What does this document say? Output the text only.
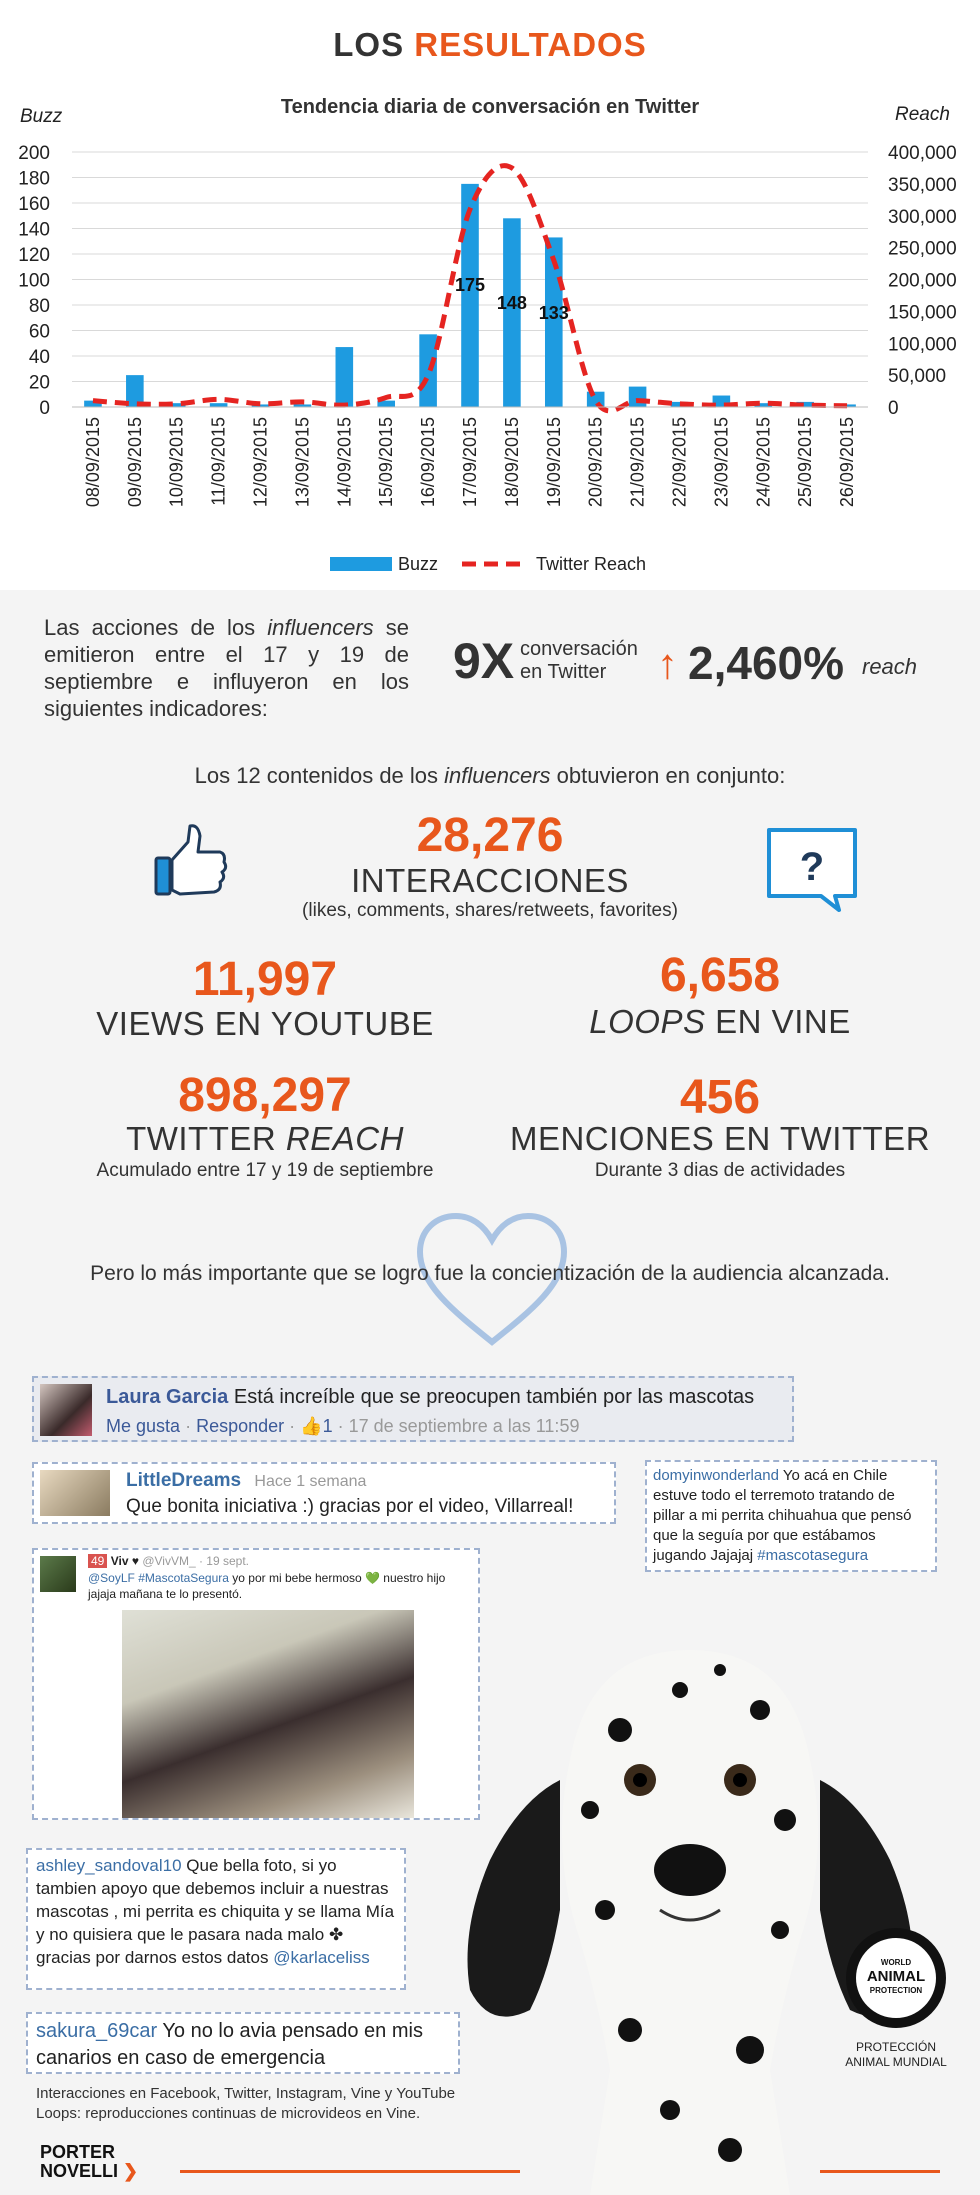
LOS RESULTADOS
Tendencia diaria de conversación en Twitter
Buzz	Reach
200
180
160
140
120
100
80
60
40
20
0
400,000
350,000
300,000
250,000
200,000
150,000
100,000
50,000
0
175
148 133
08/09/2015 09/09/2015 10/09/2015 11/09/2015 12/09/2015 13/09/2015 14/09/2015 15/09/2015 16/09/2015 17/09/2015 18/09/2015 19/09/2015 20/09/2015 21/09/2015 22/09/2015 23/09/2015 24/09/2015 25/09/2015 26/09/2015
Buzz	Twitter Reach
Las acciones de los influencers se emitieron entre el 17 y 19 de septiembre e influyeron en los siguientes indicadores:
9X conversación
en Twitter	↑ 2,460% reach
Los 12 contenidos de los influencers obtuvieron en conjunto:
?
28,276
INTERACCIONES
(likes, comments, shares/retweets, favorites)
11,997
VIEWS EN YOUTUBE
6,658
LOOPS EN VINE
898,297
TWITTER REACH
Acumulado entre 17 y 19 de septiembre
456
MENCIONES EN TWITTER
Durante 3 dias de actividades
Pero lo más importante que se logro fue la concientización de la audiencia alcanzada.
Laura Garcia Está increíble que se preocupen también por las mascotas
Me gusta · Responder · 👍1 · 17 de septiembre a las 11:59
LittleDreams Hace 1 semana
Que bonita iniciativa :) gracias por el video, Villarreal!
domyinwonderland Yo acá en Chile estuve todo el terremoto tratando de pillar a mi perrita chihuahua que pensó que la seguía por que estábamos jugando Jajajaj #mascotasegura
49 Viv ♥ @VivVM_ · 19 sept.
@SoyLF #MascotaSegura yo por mi bebe hermoso 💚 nuestro hijo jajaja mañana te lo presentó.
ashley_sandoval10 Que bella foto, si yo tambien apoyo que debemos incluir a nuestras mascotas , mi perrita es chiquita y se llama Mía y no quisiera que le pasara nada malo ✤ gracias por darnos estos datos @karlaceliss
sakura_69car Yo no lo avia pensado en mis canarios en caso de emergencia
WORLD
ANIMAL
PROTECTION
PROTECCIÓN
ANIMAL MUNDIAL
Interacciones en Facebook, Twitter, Instagram, Vine y YouTube
Loops: reproducciones continuas de microvideos en Vine.
PORTER
NOVELLI ❯
